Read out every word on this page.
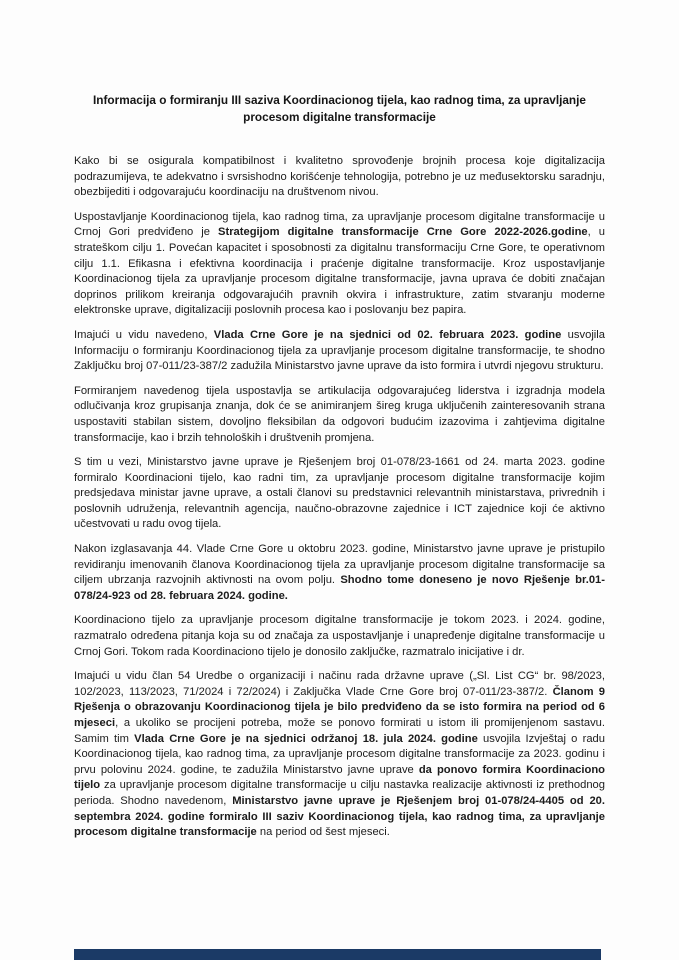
Informacija o formiranju III saziva Koordinacionog tijela, kao radnog tima, za upravljanje procesom digitalne transformacije

Kako bi se osigurala kompatibilnost i kvalitetno sprovođenje brojnih procesa koje digitalizacija podrazumijeva, te adekvatno i svrsishodno korišćenje tehnologija, potrebno je uz međusektorsku saradnju, obezbijediti i odgovarajuću koordinaciju na društvenom nivou.

Uspostavljanje Koordinacionog tijela, kao radnog tima, za upravljanje procesom digitalne transformacije u Crnoj Gori predviđeno je Strategijom digitalne transformacije Crne Gore 2022-2026.godine, u strateškom cilju 1. Povećan kapacitet i sposobnosti za digitalnu transformaciju Crne Gore, te operativnom cilju 1.1. Efikasna i efektivna koordinacija i praćenje digitalne transformacije. Kroz uspostavljanje Koordinacionog tijela za upravljanje procesom digitalne transformacije, javna uprava će dobiti značajan doprinos prilikom kreiranja odgovarajućih pravnih okvira i infrastrukture, zatim stvaranju moderne elektronske uprave, digitalizaciji poslovnih procesa kao i poslovanju bez papira.

Imajući u vidu navedeno, Vlada Crne Gore je na sjednici od 02. februara 2023. godine usvojila Informaciju o formiranju Koordinacionog tijela za upravljanje procesom digitalne transformacije, te shodno Zaključku broj 07-011/23-387/2 zadužila Ministarstvo javne uprave da isto formira i utvrdi njegovu strukturu.

Formiranjem navedenog tijela uspostavlja se artikulacija odgovarajućeg liderstva i izgradnja modela odlučivanja kroz grupisanja znanja, dok će se animiranjem šireg kruga uključenih zainteresovanih strana uspostaviti stabilan sistem, dovoljno fleksibilan da odgovori budućim izazovima i zahtjevima digitalne transformacije, kao i brzih tehnoloških i društvenih promjena.

S tim u vezi, Ministarstvo javne uprave je Rješenjem broj 01-078/23-1661 od 24. marta 2023. godine formiralo Koordinacioni tijelo, kao radni tim, za upravljanje procesom digitalne transformacije kojim predsjedava ministar javne uprave, a ostali članovi su predstavnici relevantnih ministarstava, privrednih i poslovnih udruženja, relevantnih agencija, naučno-obrazovne zajednice i ICT zajednice koji će aktivno učestvovati u radu ovog tijela.

Nakon izglasavanja 44. Vlade Crne Gore u oktobru 2023. godine, Ministarstvo javne uprave je pristupilo revidiranju imenovanih članova Koordinacionog tijela za upravljanje procesom digitalne transformacije sa ciljem ubrzanja razvojnih aktivnosti na ovom polju. Shodno tome doneseno je novo Rješenje br.01-078/24-923 od 28. februara 2024. godine.

Koordinaciono tijelo za upravljanje procesom digitalne transformacije je tokom 2023. i 2024. godine, razmatralo određena pitanja koja su od značaja za uspostavljanje i unapređenje digitalne transformacije u Crnoj Gori. Tokom rada Koordinaciono tijelo je donosilo zaključke, razmatralo inicijative i dr.

Imajući u vidu član 54 Uredbe o organizaciji i načinu rada državne uprave („Sl. List CG“ br. 98/2023, 102/2023, 113/2023, 71/2024 i 72/2024) i Zaključka Vlade Crne Gore broj 07-011/23-387/2. Članom 9 Rješenja o obrazovanju Koordinacionog tijela je bilo predviđeno da se isto formira na period od 6 mjeseci, a ukoliko se procijeni potreba, može se ponovo formirati u istom ili promijenjenom sastavu. Samim tim Vlada Crne Gore je na sjednici održanoj 18. jula 2024. godine usvojila Izvještaj o radu Koordinacionog tijela, kao radnog tima, za upravljanje procesom digitalne transformacije za 2023. godinu i prvu polovinu 2024. godine, te zadužila Ministarstvo javne uprave da ponovo formira Koordinaciono tijelo za upravljanje procesom digitalne transformacije u cilju nastavka realizacije aktivnosti iz prethodnog perioda. Shodno navedenom, Ministarstvo javne uprave je Rješenjem broj 01-078/24-4405 od 20. septembra 2024. godine formiralo III saziv Koordinacionog tijela, kao radnog tima, za upravljanje procesom digitalne transformacije na period od šest mjeseci.
